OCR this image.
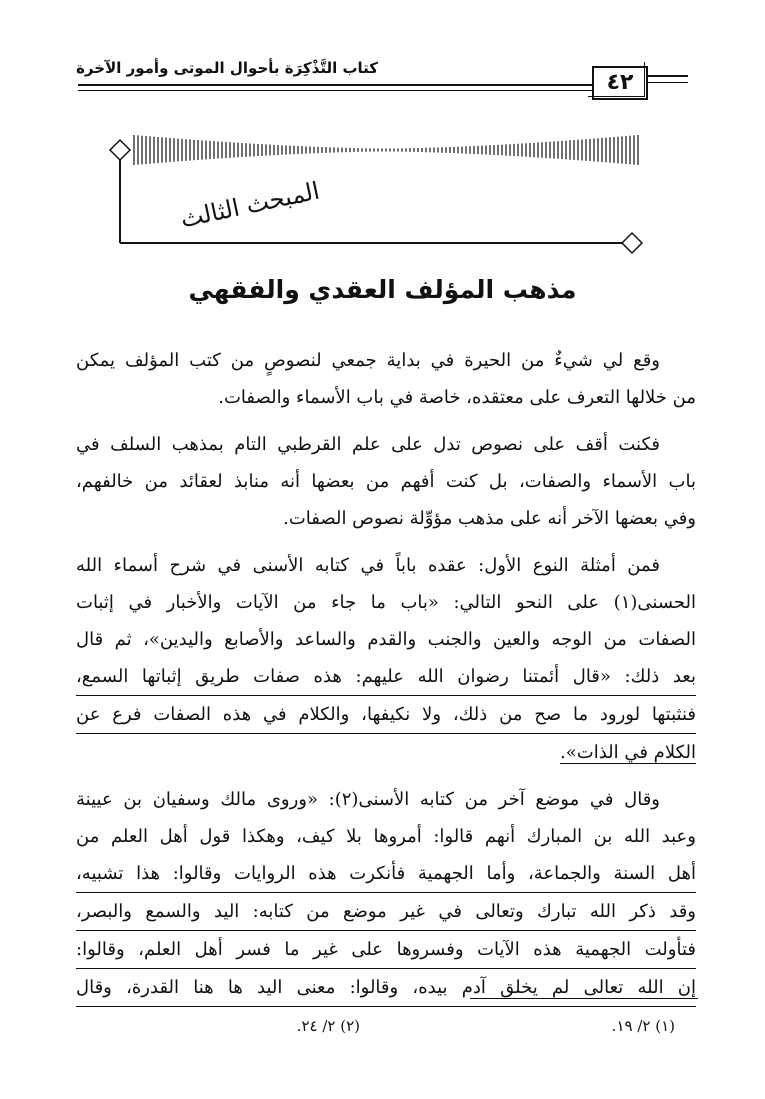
كتاب التَّذْكِرَة بأحوال الموتى وأمور الآخرة
٤٢
المبحث الثالث
مذهب المؤلف العقدي والفقهي
وقع لي شيءٌ من الحيرة في بداية جمعي لنصوصٍ من كتب المؤلف يمكن
من خلالها التعرف على معتقده، خاصة في باب الأسماء والصفات.
فكنت أقف على نصوص تدل على علم القرطبي التام بمذهب السلف في
باب الأسماء والصفات، بل كنت أفهم من بعضها أنه منابذ لعقائد من خالفهم،
وفي بعضها الآخر أنه على مذهب مؤوِّلة نصوص الصفات.
فمن أمثلة النوع الأول: عقده باباً في كتابه الأسنى في شرح أسماء الله
الحسنى(١) على النحو التالي: «باب ما جاء من الآيات والأخبار في إثبات
الصفات من الوجه والعين والجنب والقدم والساعد والأصابع واليدين»، ثم قال
بعد ذلك: «قال أئمتنا رضوان الله عليهم: هذه صفات طريق إثباتها السمع،
فنثبتها لورود ما صح من ذلك، ولا نكيفها، والكلام في هذه الصفات فرع عن
الكلام في الذات».
وقال في موضع آخر من كتابه الأسنى(٢): «وروى مالك وسفيان بن عيينة
وعبد الله بن المبارك أنهم قالوا: أمروها بلا كيف، وهكذا قول أهل العلم من
أهل السنة والجماعة، وأما الجهمية فأنكرت هذه الروايات وقالوا: هذا تشبيه،
وقد ذكر الله تبارك وتعالى في غير موضع من كتابه: اليد والسمع والبصر،
فتأولت الجهمية هذه الآيات وفسروها على غير ما فسر أهل العلم، وقالوا:
إن الله تعالى لم يخلق آدم بيده، وقالوا: معنى اليد ها هنا القدرة، وقال
(١) ٢/ ١٩.
(٢) ٢/ ٢٤.
